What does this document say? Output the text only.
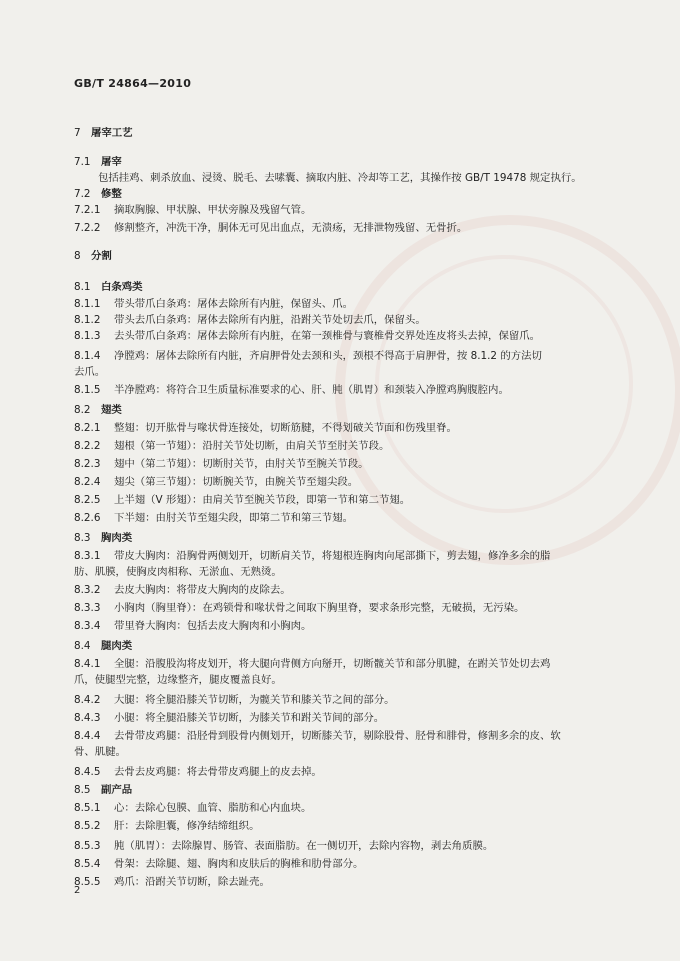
GB/T 24864—2010
7 屠宰工艺
7.1 屠宰
包括挂鸡、刺杀放血、浸烫、脱毛、去嗉囊、摘取内脏、冷却等工艺，其操作按 GB/T 19478 规定执行。
7.2 修整
7.2.1 摘取胸腺、甲状腺、甲状旁腺及残留气管。
7.2.2 修割整齐，冲洗干净，胴体无可见出血点，无溃疡，无排泄物残留、无骨折。
8 分割
8.1 白条鸡类
8.1.1 带头带爪白条鸡：屠体去除所有内脏，保留头、爪。
8.1.2 带头去爪白条鸡：屠体去除所有内脏，沿跗关节处切去爪，保留头。
8.1.3 去头带爪白条鸡：屠体去除所有内脏，在第一颈椎骨与寰椎骨交界处连皮将头去掉，保留爪。
8.1.4 净膛鸡：屠体去除所有内脏，齐肩胛骨处去颈和头，颈根不得高于肩胛骨，按 8.1.2 的方法切
去爪。
8.1.5 半净膛鸡：将符合卫生质量标准要求的心、肝、肫（肌胃）和颈装入净膛鸡胸腹腔内。
8.2 翅类
8.2.1 整翅：切开肱骨与喙状骨连接处，切断筋腱，不得划破关节面和伤残里脊。
8.2.2 翅根（第一节翅）：沿肘关节处切断，由肩关节至肘关节段。
8.2.3 翅中（第二节翅）：切断肘关节，由肘关节至腕关节段。
8.2.4 翅尖（第三节翅）：切断腕关节，由腕关节至翅尖段。
8.2.5 上半翅（V 形翅）：由肩关节至腕关节段，即第一节和第二节翅。
8.2.6 下半翅：由肘关节至翅尖段，即第二节和第三节翅。
8.3 胸肉类
8.3.1 带皮大胸肉：沿胸骨两侧划开，切断肩关节，将翅根连胸肉向尾部撕下，剪去翅，修净多余的脂
肪、肌膜，使胸皮肉相称、无淤血、无熟烫。
8.3.2 去皮大胸肉：将带皮大胸肉的皮除去。
8.3.3 小胸肉（胸里脊）：在鸡锁骨和喙状骨之间取下胸里脊，要求条形完整，无破损，无污染。
8.3.4 带里脊大胸肉：包括去皮大胸肉和小胸肉。
8.4 腿肉类
8.4.1 全腿：沿腹股沟将皮划开，将大腿向背侧方向掰开，切断髋关节和部分肌腱，在跗关节处切去鸡
爪，使腿型完整，边缘整齐，腿皮覆盖良好。
8.4.2 大腿：将全腿沿膝关节切断，为髋关节和膝关节之间的部分。
8.4.3 小腿：将全腿沿膝关节切断，为膝关节和跗关节间的部分。
8.4.4 去骨带皮鸡腿：沿胫骨到股骨内侧划开，切断膝关节，剔除股骨、胫骨和腓骨，修割多余的皮、软
骨、肌腱。
8.4.5 去骨去皮鸡腿：将去骨带皮鸡腿上的皮去掉。
8.5 副产品
8.5.1 心：去除心包膜、血管、脂肪和心内血块。
8.5.2 肝：去除胆囊，修净结缔组织。
8.5.3 肫（肌胃）：去除腺胃、肠管、表面脂肪。在一侧切开，去除内容物，剥去角质膜。
8.5.4 骨架：去除腿、翅、胸肉和皮肤后的胸椎和肋骨部分。
8.5.5 鸡爪：沿跗关节切断，除去趾壳。
2
